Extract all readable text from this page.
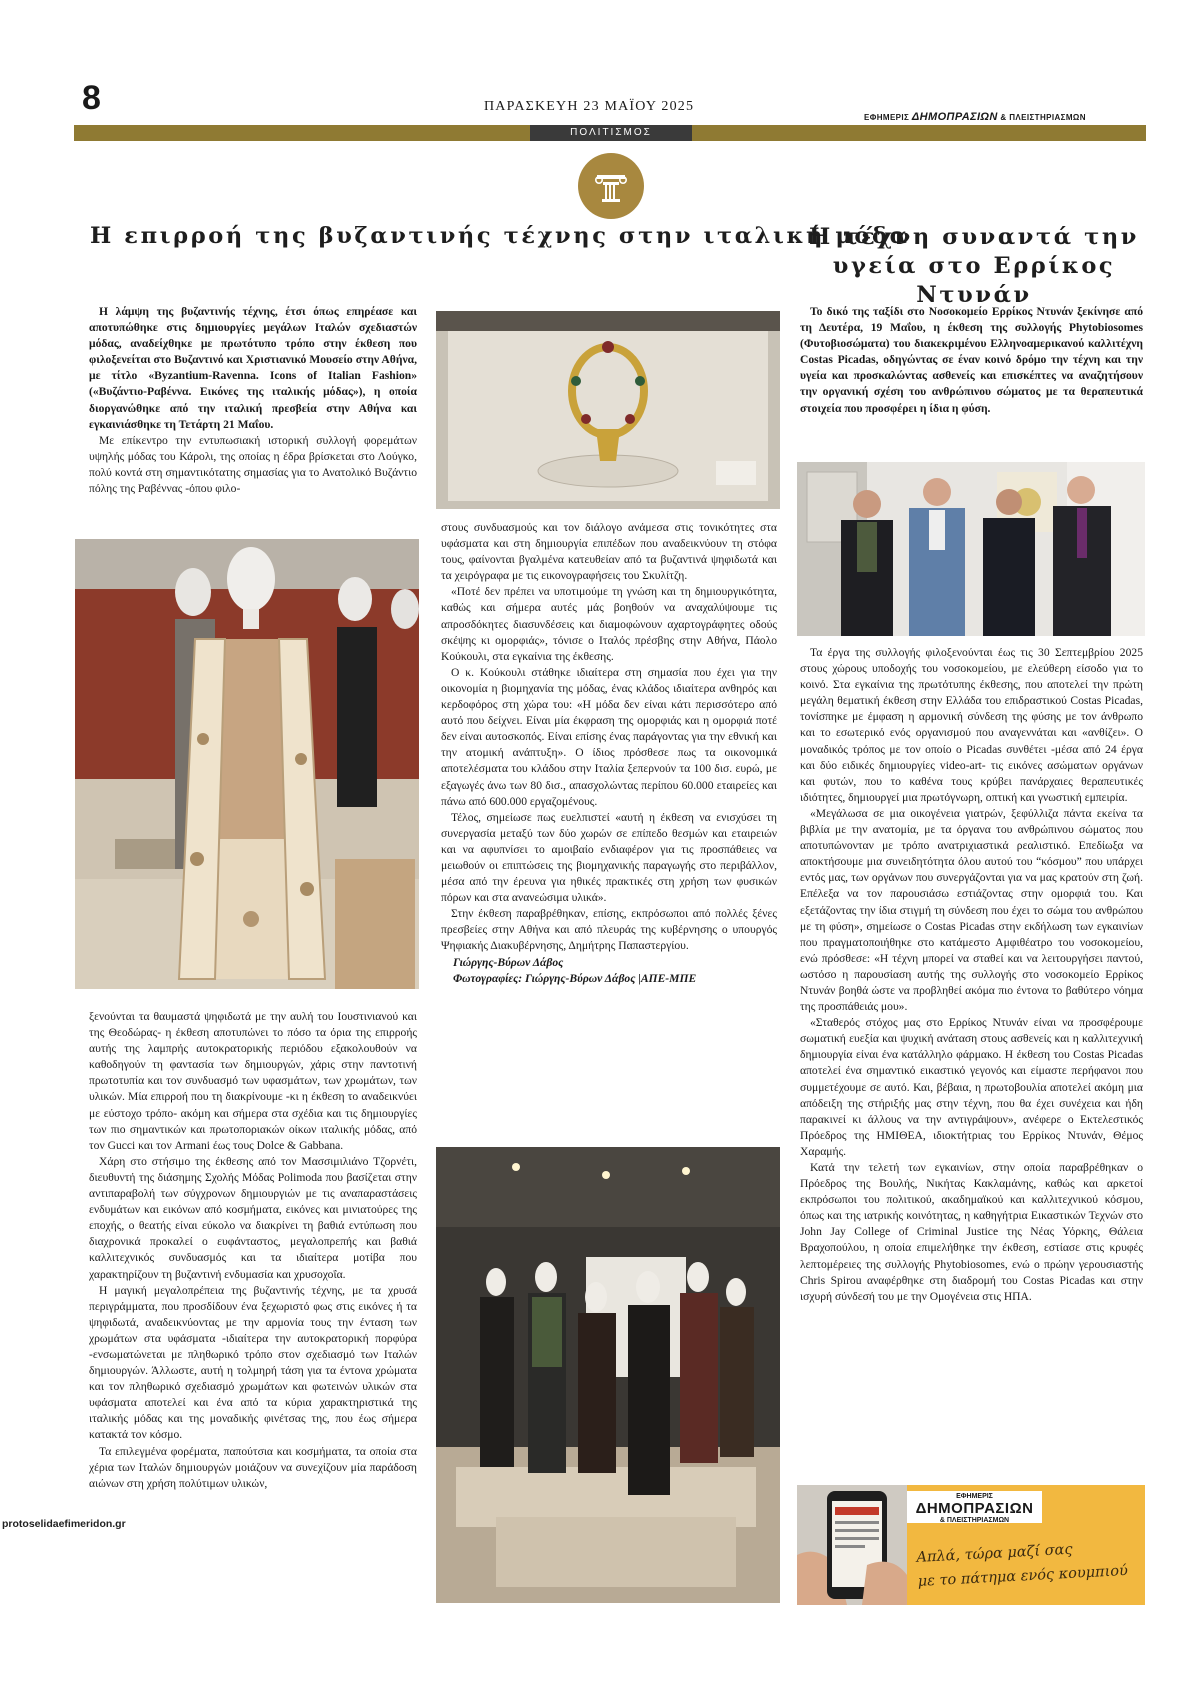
8	ΠΑΡΑΣΚΕΥΗ 23 ΜΑΪΟΥ 2025
ΕΦΗΜΕΡΙΣ ΔΗΜΟΠΡΑΣΙΩΝ & ΠΛΕΙΣΤΗΡΙΑΣΜΩΝ
ΠΟΛΙΤΙΣΜΟΣ
Η επιρροή της βυζαντινής τέχνης στην ιταλική μόδα
Η τέχνη συναντά την υγεία στο Ερρίκος Ντυνάν

Η λάμψη της βυζαντινής τέχνης, έτσι όπως επηρέασε και αποτυπώθηκε στις δημιουργίες μεγάλων Ιταλών σχεδιαστών μόδας, αναδείχθηκε με πρωτότυπο τρόπο στην έκθεση που φιλοξενείται στο Βυζαντινό και Χριστιανικό Μουσείο στην Αθήνα, με τίτλο «Byzantium-Ravenna. Icons of Italian Fashion» («Βυζάντιο-Ραβέννα. Εικόνες της ιταλικής μόδας»), η οποία διοργανώθηκε από την ιταλική πρεσβεία στην Αθήνα και εγκαινιάσθηκε τη Τετάρτη 21 Μαΐου.

Με επίκεντρο την εντυπωσιακή ιστορική συλλογή φορεμάτων υψηλής μόδας του Κάρολι, της οποίας η έδρα βρίσκεται στο Λούγκο, πολύ κοντά στη σημαντικότατης σημασίας για το Ανατολικό Βυζάντιο πόλης της Ραβέννας -όπου φιλο-

ξενούνται τα θαυμαστά ψηφιδωτά με την αυλή του Ιουστινιανού και της Θεοδώρας- η έκθεση αποτυπώνει το πόσο τα όρια της επιρροής αυτής της λαμπρής αυτοκρατορικής περιόδου εξακολουθούν να καθοδηγούν τη φαντασία των δημιουργών, χάρις στην παντοτινή πρωτοτυπία και τον συνδυασμό των υφασμάτων, των χρωμάτων, των υλικών. Μία επιρροή που τη διακρίνουμε -κι η έκθεση το αναδεικνύει με εύστοχο τρόπο- ακόμη και σήμερα στα σχέδια και τις δημιουργίες των πιο σημαντικών και πρωτοποριακών οίκων ιταλικής μόδας, από τον Gucci και τον Armani έως τους Dolce & Gabbana.

Χάρη στο στήσιμο της έκθεσης από τον Μασσιμιλιάνο Τζορνέτι, διευθυντή της διάσημης Σχολής Μόδας Polimoda που βασίζεται στην αντιπαραβολή των σύγχρονων δημιουργιών με τις αναπαραστάσεις ενδυμάτων και εικόνων από κοσμήματα, εικόνες και μινιατούρες της εποχής, ο θεατής είναι εύκολο να διακρίνει τη βαθιά εντύπωση που διαχρονικά προκαλεί ο ευφάνταστος, μεγαλοπρεπής και βαθιά καλλιτεχνικός συνδυασμός και τα ιδιαίτερα μοτίβα που χαρακτηρίζουν τη βυζαντινή ενδυμασία και χρυσοχοΐα.

Η μαγική μεγαλοπρέπεια της βυζαντινής τέχνης, με τα χρυσά περιγράμματα, που προσδίδουν ένα ξεχωριστό φως στις εικόνες ή τα ψηφιδωτά, αναδεικνύοντας με την αρμονία τους την ένταση των χρωμάτων στα υφάσματα -ιδιαίτερα την αυτοκρατορική πορφύρα -ενσωματώνεται με πληθωρικό τρόπο στον σχεδιασμό των Ιταλών δημιουργών. Άλλωστε, αυτή η τολμηρή τάση για τα έντονα χρώματα και τον πληθωρικό σχεδιασμό χρωμάτων και φωτεινών υλικών στα υφάσματα αποτελεί και ένα από τα κύρια χαρακτηριστικά της ιταλικής μόδας και της μοναδικής φινέτσας της, που έως σήμερα κατακτά τον κόσμο.

Τα επιλεγμένα φορέματα, παπούτσια και κοσμήματα, τα οποία στα χέρια των Ιταλών δημιουργών μοιάζουν να συνεχίζουν μία παράδοση αιώνων στη χρήση πολύτιμων υλικών,

στους συνδυασμούς και τον διάλογο ανάμεσα στις τονικότητες στα υφάσματα και στη δημιουργία επιπέδων που αναδεικνύουν τη στόφα τους, φαίνονται βγαλμένα κατευθείαν από τα βυζαντινά ψηφιδωτά και τα χειρόγραφα με τις εικονογραφήσεις του Σκυλίτζη.

«Ποτέ δεν πρέπει να υποτιμούμε τη γνώση και τη δημιουργικότητα, καθώς και σήμερα αυτές μάς βοηθούν να αναχαλύψουμε τις απροσδόκητες διασυνδέσεις και διαμοφώνουν αχαρτογράφητες οδούς σκέψης κι ομορφιάς», τόνισε ο Ιταλός πρέσβης στην Αθήνα, Πάολο Κούκουλι, στα εγκαίνια της έκθεσης.

Ο κ. Κούκουλι στάθηκε ιδιαίτερα στη σημασία που έχει για την οικονομία η βιομηχανία της μόδας, ένας κλάδος ιδιαίτερα ανθηρός και κερδοφόρος στη χώρα του: «Η μόδα δεν είναι κάτι περισσότερο από αυτό που δείχνει. Είναι μία έκφραση της ομορφιάς και η ομορφιά ποτέ δεν είναι αυτοσκοπός. Είναι επίσης ένας παράγοντας για την εθνική και την ατομική ανάπτυξη». Ο ίδιος πρόσθεσε πως τα οικονομικά αποτελέσματα του κλάδου στην Ιταλία ξεπερνούν τα 100 δισ. ευρώ, με εξαγωγές άνω των 80 δισ., απασχολώντας περίπου 60.000 εταιρείες και πάνω από 600.000 εργαζομένους.

Τέλος, σημείωσε πως ευελπιστεί «αυτή η έκθεση να ενισχύσει τη συνεργασία μεταξύ των δύο χωρών σε επίπεδο θεσμών και εταιρειών και να αφυπνίσει το αμοιβαίο ενδιαφέρον για τις προσπάθειες να μειωθούν οι επιπτώσεις της βιομηχανικής παραγωγής στο περιβάλλον, μέσα από την έρευνα για ηθικές πρακτικές στη χρήση των φυσικών πόρων και στα ανανεώσιμα υλικά».

Στην έκθεση παραβρέθηκαν, επίσης, εκπρόσωποι από πολλές ξένες πρεσβείες στην Αθήνα και από πλευράς της κυβέρνησης ο υπουργός Ψηφιακής Διακυβέρνησης, Δημήτρης Παπαστεργίου.

Γιώργης-Βύρων Δάβος

Φωτογραφίες: Γιώργης-Βύρων Δάβος |ΑΠΕ-ΜΠΕ

Το δικό της ταξίδι στο Νοσοκομείο Ερρίκος Ντυνάν ξεκίνησε από τη Δευτέρα, 19 Μαΐου, η έκθεση της συλλογής Phytobiosomes (Φυτοβιοσώματα) του διακεκριμένου Ελληνοαμερικανού καλλιτέχνη Costas Picadas, οδηγώντας σε έναν κοινό δρόμο την τέχνη και την υγεία και προσκαλώντας ασθενείς και επισκέπτες να αναζητήσουν την οργανική σχέση του ανθρώπινου σώματος με τα θεραπευτικά στοιχεία που προσφέρει η ίδια η φύση.

Τα έργα της συλλογής φιλοξενούνται έως τις 30 Σεπτεμβρίου 2025 στους χώρους υποδοχής του νοσοκομείου, με ελεύθερη είσοδο για το κοινό. Στα εγκαίνια της πρωτότυπης έκθεσης, που αποτελεί την πρώτη μεγάλη θεματική έκθεση στην Ελλάδα του επιδραστικού Costas Picadas, τονίσπηκε με έμφαση η αρμονική σύνδεση της φύσης με τον άνθρωπο και το εσωτερικό ενός οργανισμού που αναγεννάται και «ανθίζει». Ο μοναδικός τρόπος με τον οποίο ο Picadas συνθέτει -μέσα από 24 έργα και δύο ειδικές δημιουργίες video-art- τις εικόνες ασώματων οργάνων και φυτών, που το καθένα τους κρύβει πανάρχαιες θεραπευτικές ιδιότητες, δημιουργεί μια πρωτόγνωρη, οπτική και γνωστική εμπειρία.

«Μεγάλωσα σε μια οικογένεια γιατρών, ξεφύλλιζα πάντα εκείνα τα βιβλία με την ανατομία, με τα όργανα του ανθρώπινου σώματος που αποτυπώνονταν με τρόπο ανατριχιαστικά ρεαλιστικό. Επεδίωξα να αποκτήσουμε μια συνειδητότητα όλου αυτού του “κόσμου” που υπάρχει εντός μας, των οργάνων που συνεργάζονται για να μας κρατούν στη ζωή. Επέλεξα να τον παρουσιάσω εστιάζοντας στην ομορφιά του. Και εξετάζοντας την ίδια στιγμή τη σύνδεση που έχει το σώμα του ανθρώπου με τη φύση», σημείωσε ο Costas Picadas στην εκδήλωση των εγκαινίων που πραγματοποιήθηκε στο κατάμεστο Αμφιθέατρο του νοσοκομείου, ενώ πρόσθεσε: «Η τέχνη μπορεί να σταθεί και να λειτουργήσει παντού, ωστόσο η παρουσίαση αυτής της συλλογής στο νοσοκομείο Ερρίκος Ντυνάν βοηθά ώστε να προβληθεί ακόμα πιο έντονα το βαθύτερο νόημα της προσπάθειάς μου».

«Σταθερός στόχος μας στο Ερρίκος Ντυνάν είναι να προσφέρουμε σωματική ευεξία και ψυχική ανάταση στους ασθενείς και η καλλιτεχνική δημιουργία είναι ένα κατάλληλο φάρμακο. Η έκθεση του Costas Picadas αποτελεί ένα σημαντικό εικαστικό γεγονός και είμαστε περήφανοι που συμμετέχουμε σε αυτό. Και, βέβαια, η πρωτοβουλία αποτελεί ακόμη μια απόδειξη της στήριξής μας στην τέχνη, που θα έχει συνέχεια και ήδη παρακινεί κι άλλους να την αντιγράψουν», ανέφερε ο Εκτελεστικός Πρόεδρος της ΗΜΙΘΕΑ, ιδιοκτήτριας του Ερρίκος Ντυνάν, Θέμος Χαραμής.

Κατά την τελετή των εγκαινίων, στην οποία παραβρέθηκαν ο Πρόεδρος της Βουλής, Νικήτας Κακλαμάνης, καθώς και αρκετοί εκπρόσωποι του πολιτικού, ακαδημαϊκού και καλλιτεχνικού κόσμου, όπως και της ιατρικής κοινότητας, η καθηγήτρια Εικαστικών Τεχνών στο John Jay College of Criminal Justice της Νέας Υόρκης, Θάλεια Βραχοπούλου, η οποία επιμελήθηκε την έκθεση, εστίασε στις κρυφές λεπτομέρειες της συλλογής Phytobiosomes, ενώ ο πρώην γερουσιαστής Chris Spirou αναφέρθηκε στη διαδρομή του Costas Picadas και στην ισχυρή σύνδεσή του με την Ομογένεια στις ΗΠΑ.

ΕΦΗΜΕΡΙΣ
ΔΗΜΟΠΡΑΣΙΩΝ
& ΠΛΕΙΣΤΗΡΙΑΣΜΩΝ
Απλά, τώρα μαζί σας
με το πάτημα ενός κουμπιού
protoselidaefimeridon.gr
